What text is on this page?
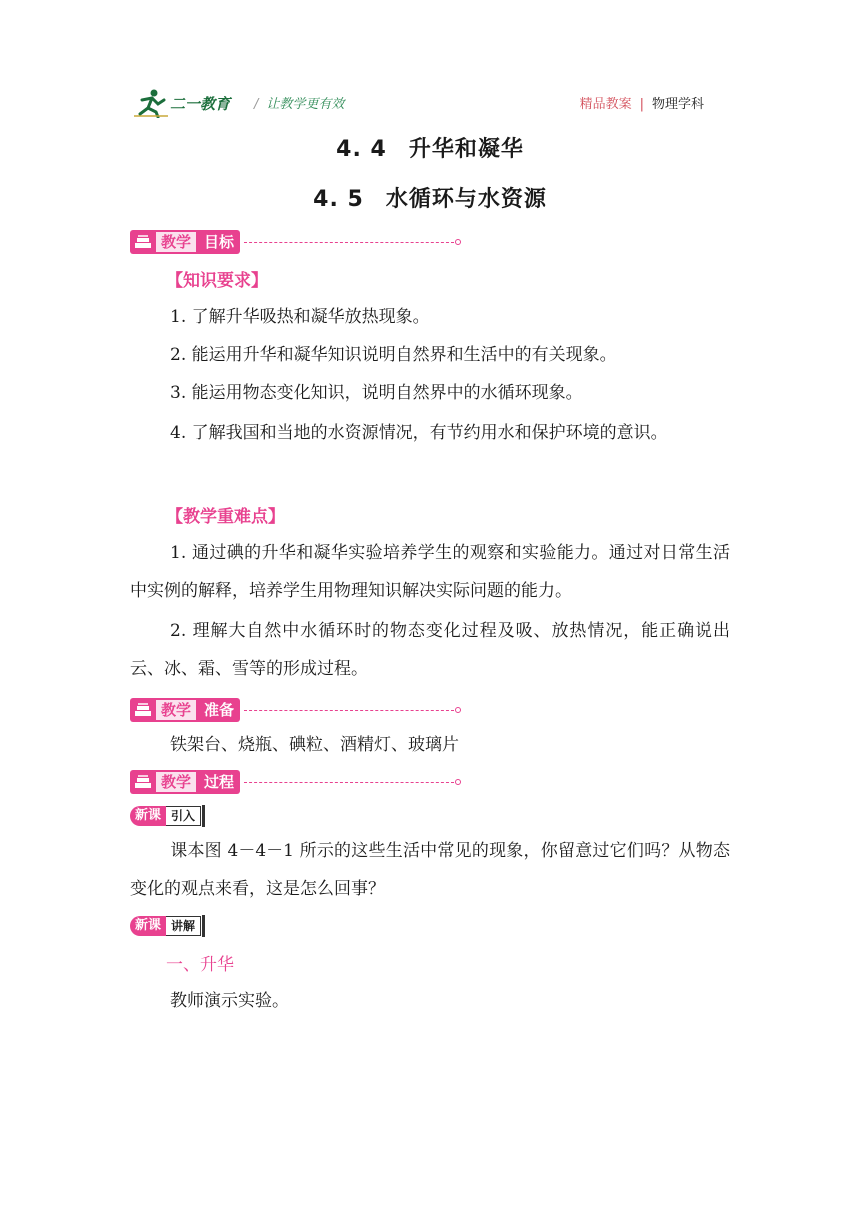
二一教育 / 让教学更有效	精品教案 | 物理学科
4. 4 升华和凝华
4. 5 水循环与水资源
教学 目标
【知识要求】
1. 了解升华吸热和凝华放热现象。
2. 能运用升华和凝华知识说明自然界和生活中的有关现象。
3. 能运用物态变化知识，说明自然界中的水循环现象。
4. 了解我国和当地的水资源情况，有节约用水和保护环境的意识。
【教学重难点】
1. 通过碘的升华和凝华实验培养学生的观察和实验能力。通过对日常生活中实例的解释，培养学生用物理知识解决实际问题的能力。
2. 理解大自然中水循环时的物态变化过程及吸、放热情况，能正确说出云、冰、霜、雪等的形成过程。
教学 准备
铁架台、烧瓶、碘粒、酒精灯、玻璃片
教学 过程
新课 引入
课本图 4－4－1 所示的这些生活中常见的现象，你留意过它们吗？从物态变化的观点来看，这是怎么回事？
新课 讲解
一、升华
教师演示实验。
